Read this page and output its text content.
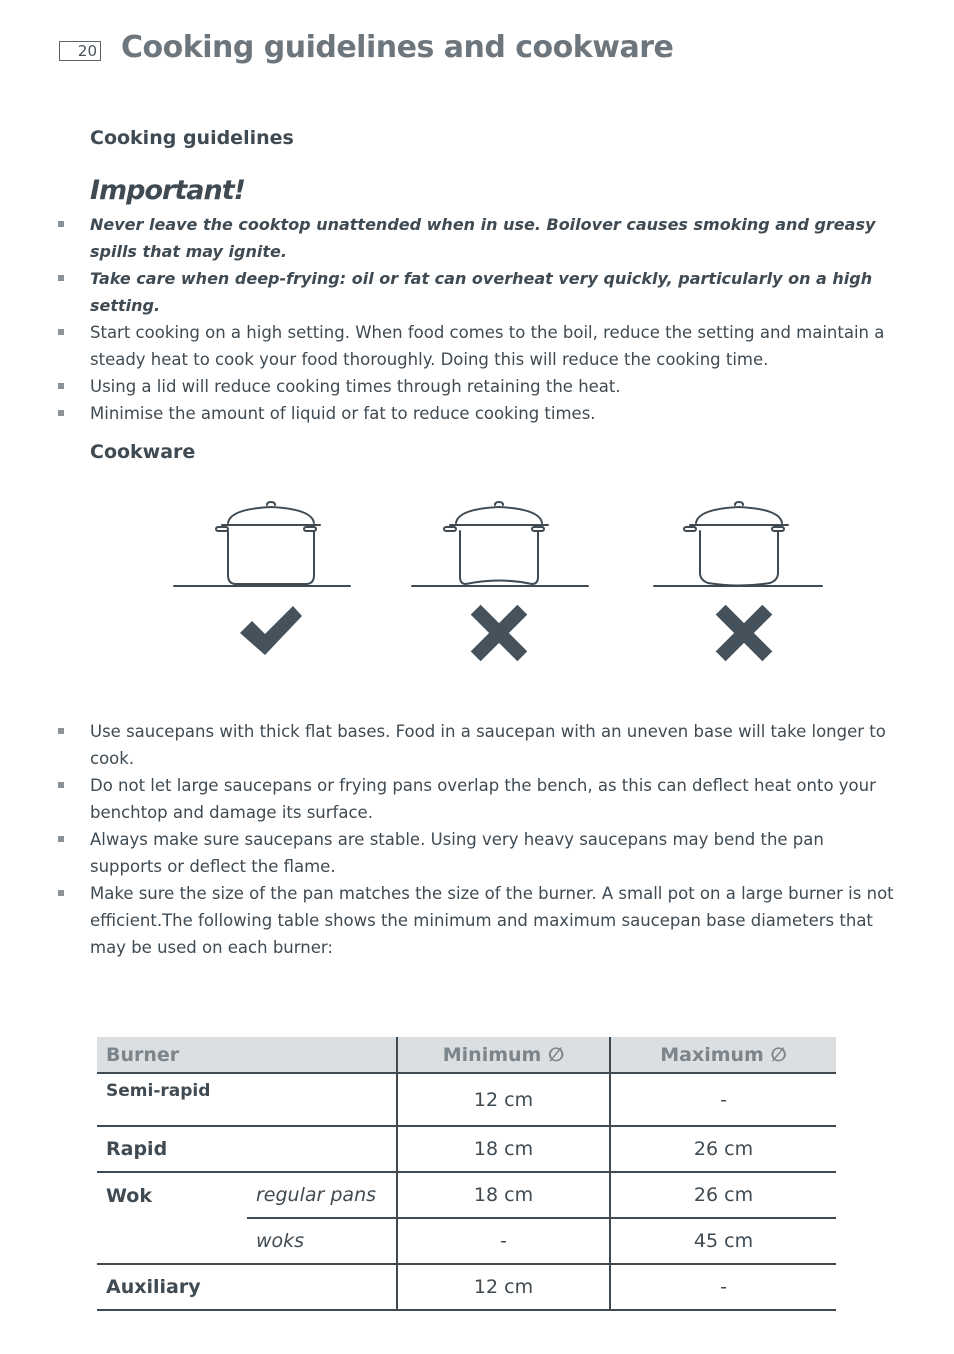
20 Cooking guidelines and cookware
Cooking guidelines
Important!
Never leave the cooktop unattended when in use. Boilover causes smoking and greasy spills that may ignite.
Take care when deep-frying: oil or fat can overheat very quickly, particularly on a high setting.
Start cooking on a high setting. When food comes to the boil, reduce the setting and maintain a steady heat to cook your food thoroughly. Doing this will reduce the cooking time.
Using a lid will reduce cooking times through retaining the heat.
Minimise the amount of liquid or fat to reduce cooking times.
Cookware
Use saucepans with thick flat bases. Food in a saucepan with an uneven base will take longer to cook.
Do not let large saucepans or frying pans overlap the bench, as this can deflect heat onto your benchtop and damage its surface.
Always make sure saucepans are stable. Using very heavy saucepans may bend the pan supports or deflect the flame.
Make sure the size of the pan matches the size of the burner. A small pot on a large burner is not efficient.The following table shows the minimum and maximum saucepan base diameters that may be used on each burner:
Burner		Minimum ∅	Maximum ∅
Semi-rapid		12 cm	-
Rapid		18 cm	26 cm
Wok	regular pans	18 cm	26 cm
	woks	-	45 cm
Auxiliary		12 cm	-
